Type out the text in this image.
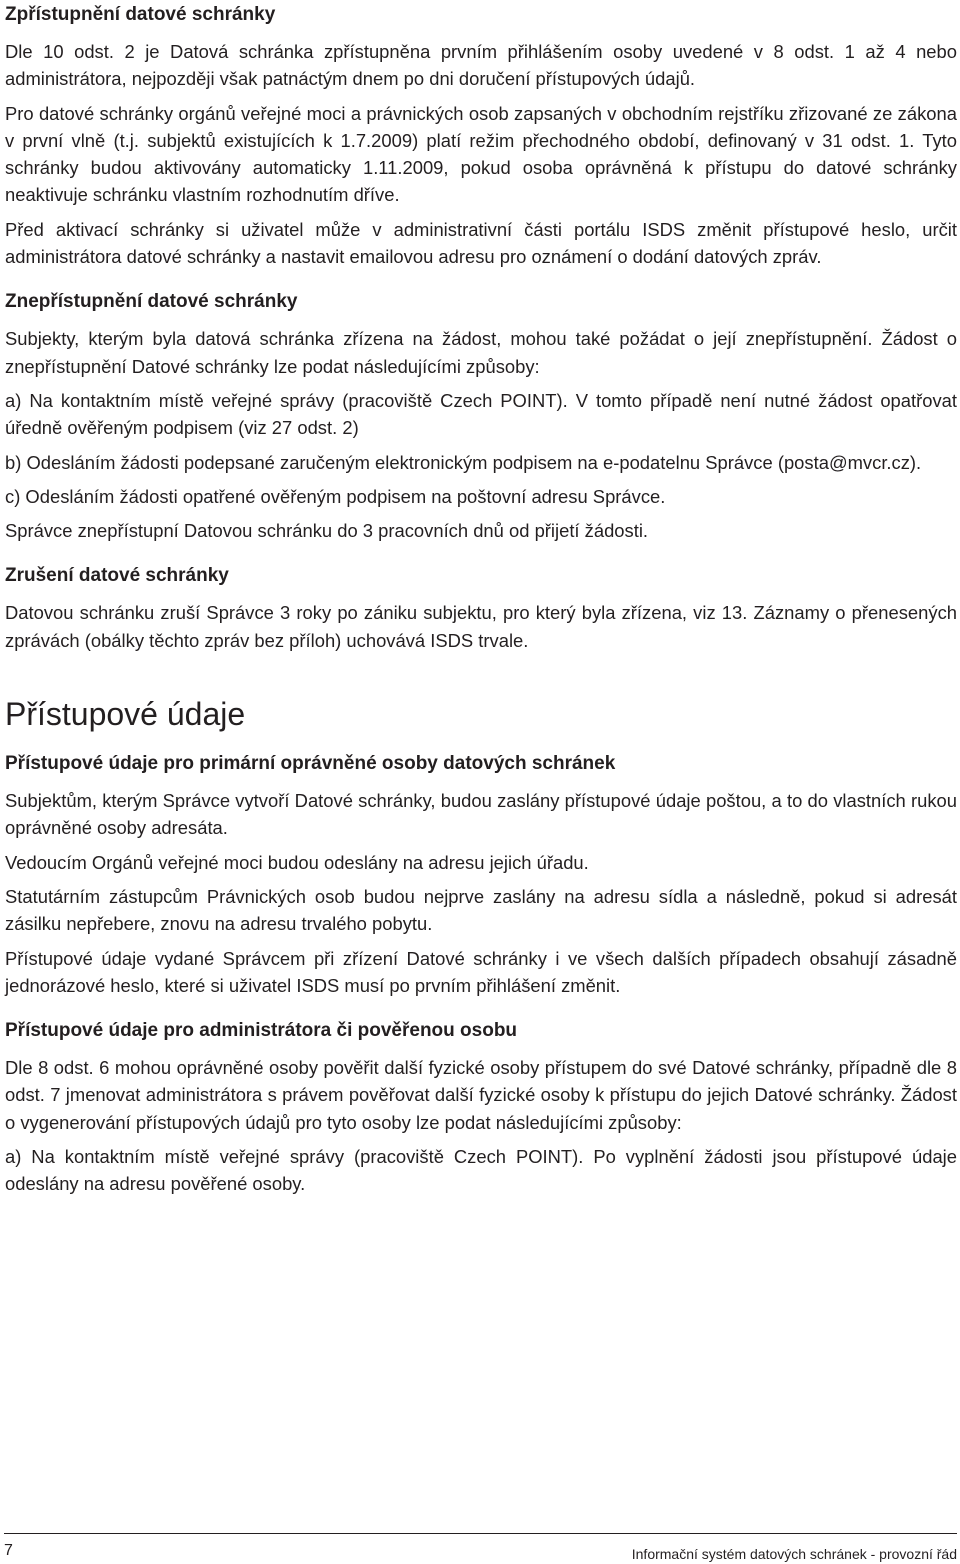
Zpřístupnění datové schránky

Dle 10 odst. 2 je Datová schránka zpřístupněna prvním přihlášením osoby uvedené v 8 odst. 1 až 4 nebo administrátora, nejpozději však patnáctým dnem po dni doručení přístupových údajů.

Pro datové schránky orgánů veřejné moci a právnických osob zapsaných v obchodním rejstříku zřizované ze zákona v první vlně (t.j. subjektů existujících k 1.7.2009) platí režim přechodného období, definovaný v 31 odst. 1. Tyto schránky budou aktivovány automaticky 1.11.2009, pokud osoba oprávněná k přístupu do datové schránky neaktivuje schránku vlastním rozhodnutím dříve.

Před aktivací schránky si uživatel může v administrativní části portálu ISDS změnit přístupové heslo, určit administrátora datové schránky a nastavit emailovou adresu pro oznámení o dodání datových zpráv.

Znepřístupnění datové schránky

Subjekty, kterým byla datová schránka zřízena na žádost, mohou také požádat o její znepřístupnění. Žádost o znepřístupnění Datové schránky lze podat následujícími způsoby:

a) Na kontaktním místě veřejné správy (pracoviště Czech POINT). V tomto případě není nutné žádost opatřovat úředně ověřeným podpisem (viz 27 odst. 2)

b) Odesláním žádosti podepsané zaručeným elektronickým podpisem na e-podatelnu Správce (posta@mvcr.cz).

c) Odesláním žádosti opatřené ověřeným podpisem na poštovní adresu Správce.

Správce znepřístupní Datovou schránku do 3 pracovních dnů od přijetí žádosti.

Zrušení datové schránky

Datovou schránku zruší Správce 3 roky po zániku subjektu, pro který byla zřízena, viz 13. Záznamy o přenesených zprávách (obálky těchto zpráv bez příloh) uchovává ISDS trvale.

Přístupové údaje
Přístupové údaje pro primární oprávněné osoby datových schránek

Subjektům, kterým Správce vytvoří Datové schránky, budou zaslány přístupové údaje poštou, a to do vlastních rukou oprávněné osoby adresáta.

Vedoucím Orgánů veřejné moci budou odeslány na adresu jejich úřadu.

Statutárním zástupcům Právnických osob budou nejprve zaslány na adresu sídla a následně, pokud si adresát zásilku nepřebere, znovu na adresu trvalého pobytu.

Přístupové údaje vydané Správcem při zřízení Datové schránky i ve všech dalších případech obsahují zásadně jednorázové heslo, které si uživatel ISDS musí po prvním přihlášení změnit.

Přístupové údaje pro administrátora či pověřenou osobu

Dle 8 odst. 6 mohou oprávněné osoby pověřit další fyzické osoby přístupem do své Datové schránky, případně dle 8 odst. 7 jmenovat administrátora s právem pověřovat další fyzické osoby k přístupu do jejich Datové schránky. Žádost o vygenerování přístupových údajů pro tyto osoby lze podat následujícími způsoby:

a) Na kontaktním místě veřejné správy (pracoviště Czech POINT). Po vyplnění žádosti jsou přístupové údaje odeslány na adresu pověřené osoby.

7	Informační systém datových schránek - provozní řád
